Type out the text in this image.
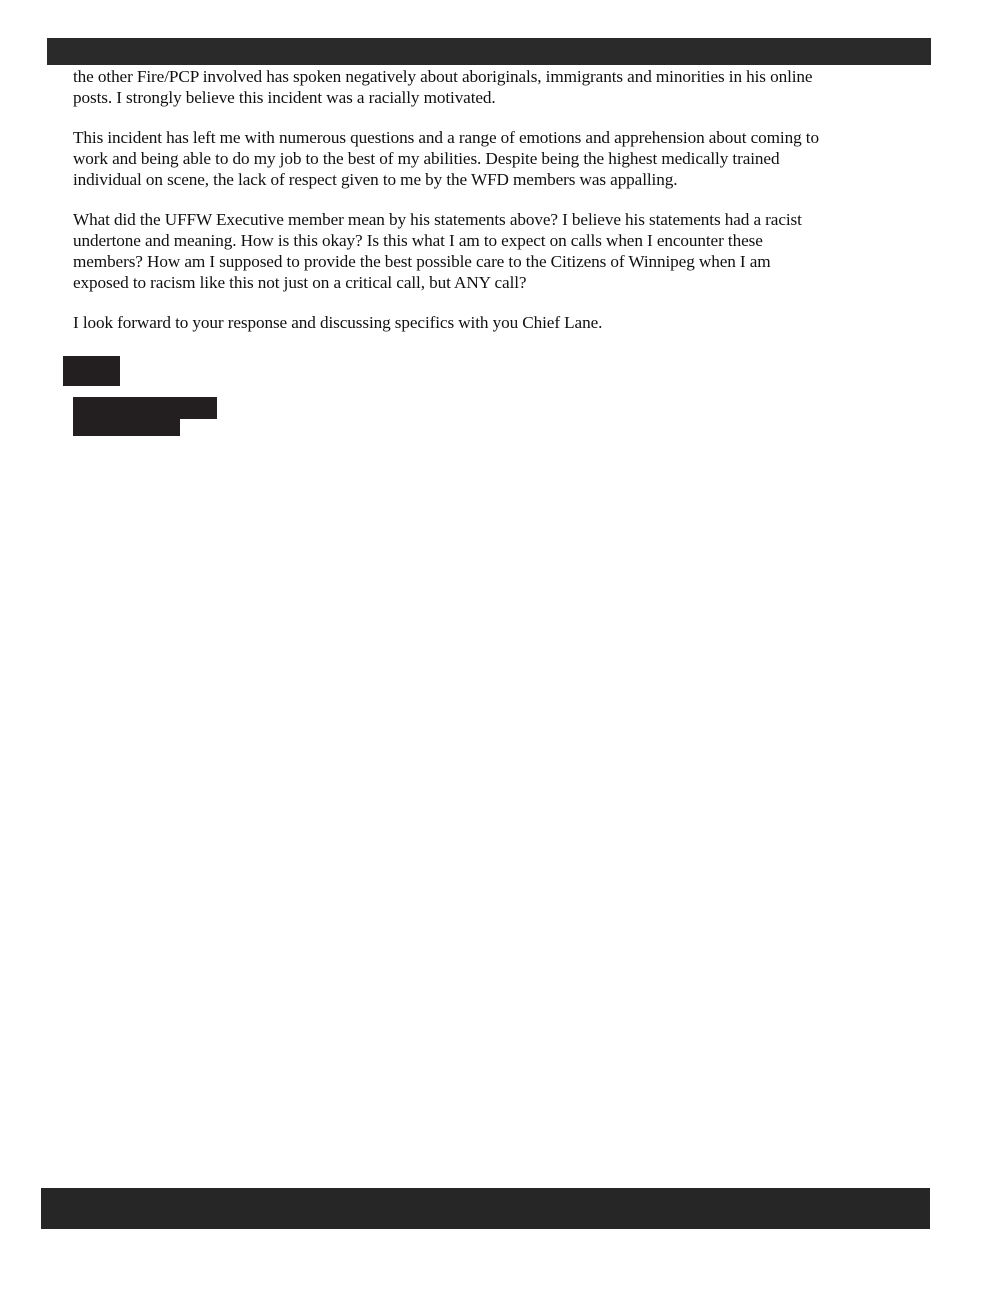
the other Fire/PCP involved has spoken negatively about aboriginals, immigrants and minorities in his online
posts. I strongly believe this incident was a racially motivated.

This incident has left me with numerous questions and a range of emotions and apprehension about coming to
work and being able to do my job to the best of my abilities. Despite being the highest medically trained
individual on scene, the lack of respect given to me by the WFD members was appalling.

What did the UFFW Executive member mean by his statements above? I believe his statements had a racist
undertone and meaning. How is this okay? Is this what I am to expect on calls when I encounter these
members? How am I supposed to provide the best possible care to the Citizens of Winnipeg when I am
exposed to racism like this not just on a critical call, but ANY call?

I look forward to your response and discussing specifics with you Chief Lane.
